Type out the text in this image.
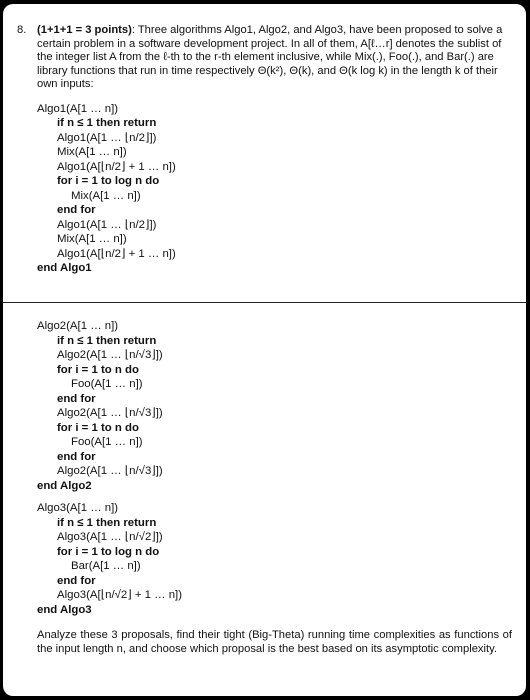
8. (1+1+1 = 3 points): Three algorithms Algo1, Algo2, and Algo3, have been proposed to solve a certain problem in a software development project. In all of them, A[ℓ…r] denotes the sublist of the integer list A from the ℓ-th to the r-th element inclusive, while Mix(.), Foo(.), and Bar(.) are library functions that run in time respectively Θ(k²), Θ(k), and Θ(k log k) in the length k of their own inputs:
Algo1(A[1 … n])
if n ≤ 1 then return
Algo1(A[1 … ⌊n/2⌋])
Mix(A[1 … n])
Algo1(A[⌊n/2⌋ + 1 … n])
for i = 1 to log n do
Mix(A[1 … n])
end for
Algo1(A[1 … ⌊n/2⌋])
Mix(A[1 … n])
Algo1(A[⌊n/2⌋ + 1 … n])
end Algo1
Algo2(A[1 … n])
if n ≤ 1 then return
Algo2(A[1 … ⌊n/√3⌋])
for i = 1 to n do
Foo(A[1 … n])
end for
Algo2(A[1 … ⌊n/√3⌋])
for i = 1 to n do
Foo(A[1 … n])
end for
Algo2(A[1 … ⌊n/√3⌋])
end Algo2
Algo3(A[1 … n])
if n ≤ 1 then return
Algo3(A[1 … ⌊n/√2⌋])
for i = 1 to log n do
Bar(A[1 … n])
end for
Algo3(A[⌊n/√2⌋ + 1 … n])
end Algo3
Analyze these 3 proposals, find their tight (Big-Theta) running time complexities as functions of the input length n, and choose which proposal is the best based on its asymptotic complexity.
